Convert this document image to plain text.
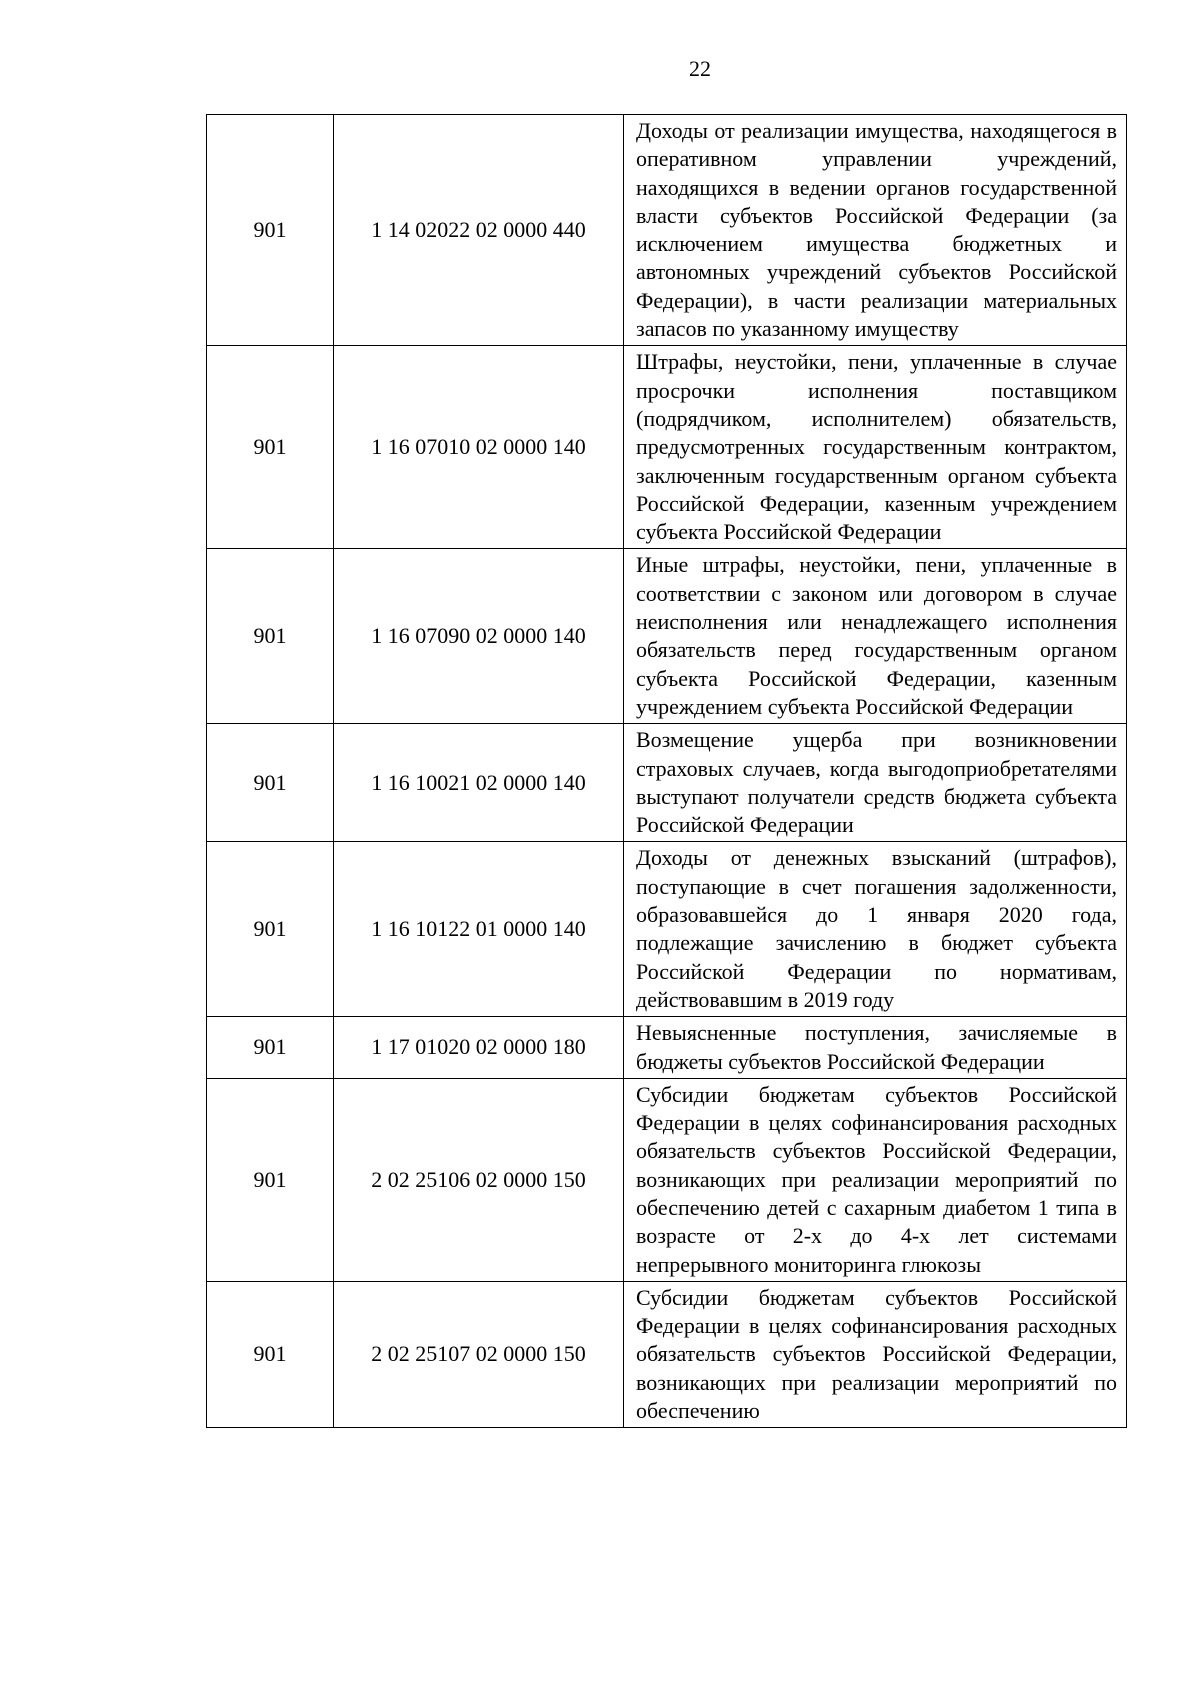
22
901	1 14 02022 02 0000 440	Доходы от реализации имущества, находящегося в оперативном управлении учреждений, находящихся в ведении органов государственной власти субъектов Российской Федерации (за исключением имущества бюджетных и автономных учреждений субъектов Российской Федерации), в части реализации материальных запасов по указанному имуществу
901	1 16 07010 02 0000 140	Штрафы, неустойки, пени, уплаченные в случае просрочки исполнения поставщиком (подрядчиком, исполнителем) обязательств, предусмотренных государственным контрактом, заключенным государственным органом субъекта Российской Федерации, казенным учреждением субъекта Российской Федерации
901	1 16 07090 02 0000 140	Иные штрафы, неустойки, пени, уплаченные в соответствии с законом или договором в случае неисполнения или ненадлежащего исполнения обязательств перед государственным органом субъекта Российской Федерации, казенным учреждением субъекта Российской Федерации
901	1 16 10021 02 0000 140	Возмещение ущерба при возникновении страховых случаев, когда выгодоприобретателями выступают получатели средств бюджета субъекта Российской Федерации
901	1 16 10122 01 0000 140	Доходы от денежных взысканий (штрафов), поступающие в счет погашения задолженности, образовавшейся до 1 января 2020 года, подлежащие зачислению в бюджет субъекта Российской Федерации по нормативам, действовавшим в 2019 году
901	1 17 01020 02 0000 180	Невыясненные поступления, зачисляемые в бюджеты субъектов Российской Федерации
901	2 02 25106 02 0000 150	Субсидии бюджетам субъектов Российской Федерации в целях софинансирования расходных обязательств субъектов Российской Федерации, возникающих при реализации мероприятий по обеспечению детей с сахарным диабетом 1 типа в возрасте от 2-х до 4-х лет системами непрерывного мониторинга глюкозы
901	2 02 25107 02 0000 150	Субсидии бюджетам субъектов Российской Федерации в целях софинансирования расходных обязательств субъектов Российской Федерации, возникающих при реализации мероприятий по обеспечению
